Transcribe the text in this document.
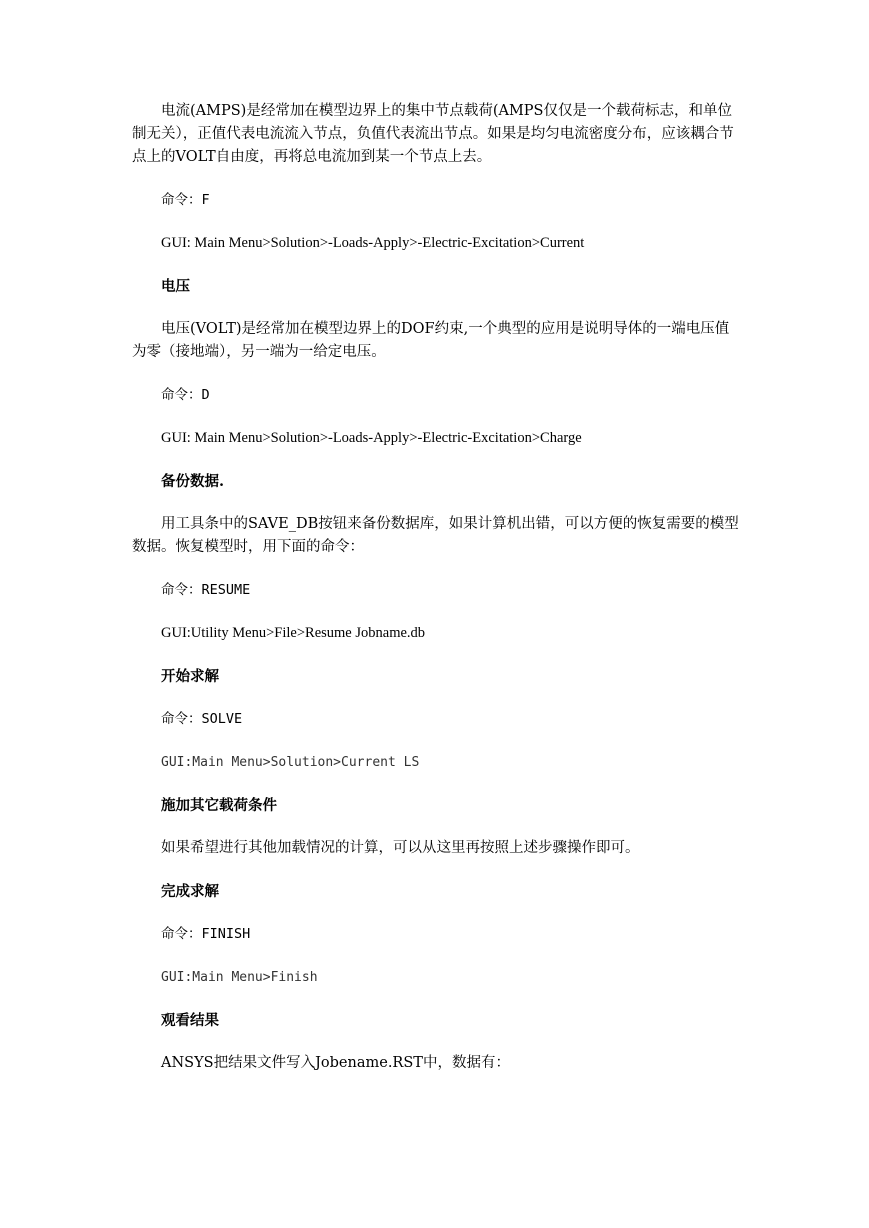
电流(AMPS)是经常加在模型边界上的集中节点载荷(AMPS仅仅是一个载荷标志，和单位制无关），正值代表电流流入节点，负值代表流出节点。如果是均匀电流密度分布，应该耦合节点上的VOLT自由度，再将总电流加到某一个节点上去。

命令：F

GUI: Main Menu>Solution>-Loads-Apply>-Electric-Excitation>Current

电压

电压(VOLT)是经常加在模型边界上的DOF约束,一个典型的应用是说明导体的一端电压值为零（接地端），另一端为一给定电压。

命令：D

GUI: Main Menu>Solution>-Loads-Apply>-Electric-Excitation>Charge

备份数据.

用工具条中的SAVE_DB按钮来备份数据库，如果计算机出错，可以方便的恢复需要的模型数据。恢复模型时，用下面的命令：

命令：RESUME

GUI:Utility Menu>File>Resume Jobname.db

开始求解

命令：SOLVE

GUI:Main Menu>Solution>Current LS

施加其它载荷条件

如果希望进行其他加载情况的计算，可以从这里再按照上述步骤操作即可。

完成求解

命令：FINISH

GUI:Main Menu>Finish

观看结果

ANSYS把结果文件写入Jobename.RST中，数据有：
